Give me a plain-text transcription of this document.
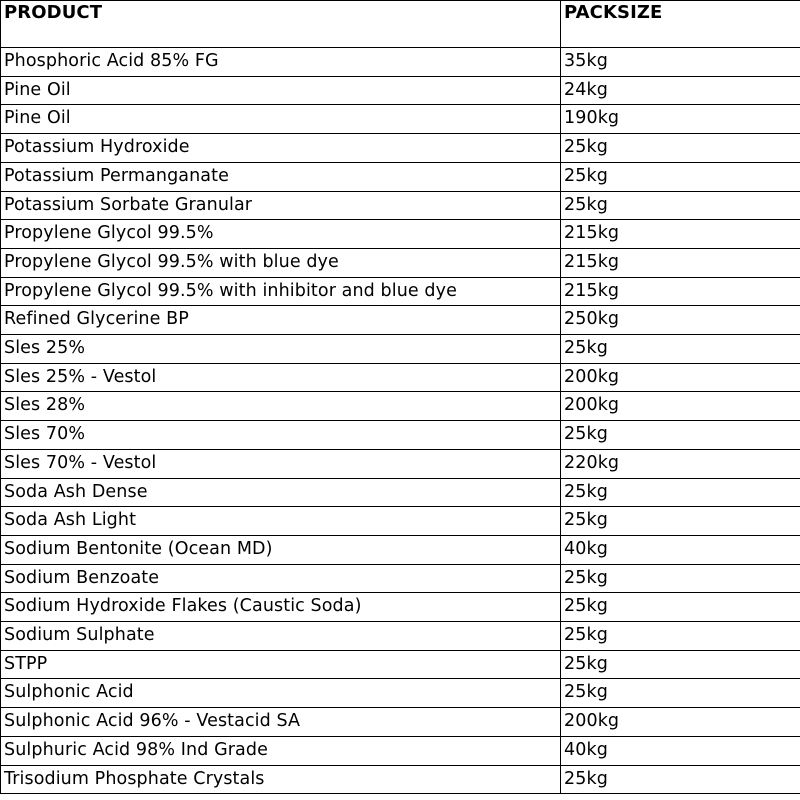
PRODUCT	PACKSIZE
Phosphoric Acid 85% FG	35kg
Pine Oil	24kg
Pine Oil	190kg
Potassium Hydroxide	25kg
Potassium Permanganate	25kg
Potassium Sorbate Granular	25kg
Propylene Glycol 99.5%	215kg
Propylene Glycol 99.5% with blue dye	215kg
Propylene Glycol 99.5% with inhibitor and blue dye	215kg
Refined Glycerine BP	250kg
Sles 25%	25kg
Sles 25% - Vestol	200kg
Sles 28%	200kg
Sles 70%	25kg
Sles 70% - Vestol	220kg
Soda Ash Dense	25kg
Soda Ash Light	25kg
Sodium Bentonite (Ocean MD)	40kg
Sodium Benzoate	25kg
Sodium Hydroxide Flakes (Caustic Soda)	25kg
Sodium Sulphate	25kg
STPP	25kg
Sulphonic Acid	25kg
Sulphonic Acid 96% - Vestacid SA	200kg
Sulphuric Acid 98% Ind Grade	40kg
Trisodium Phosphate Crystals	25kg
